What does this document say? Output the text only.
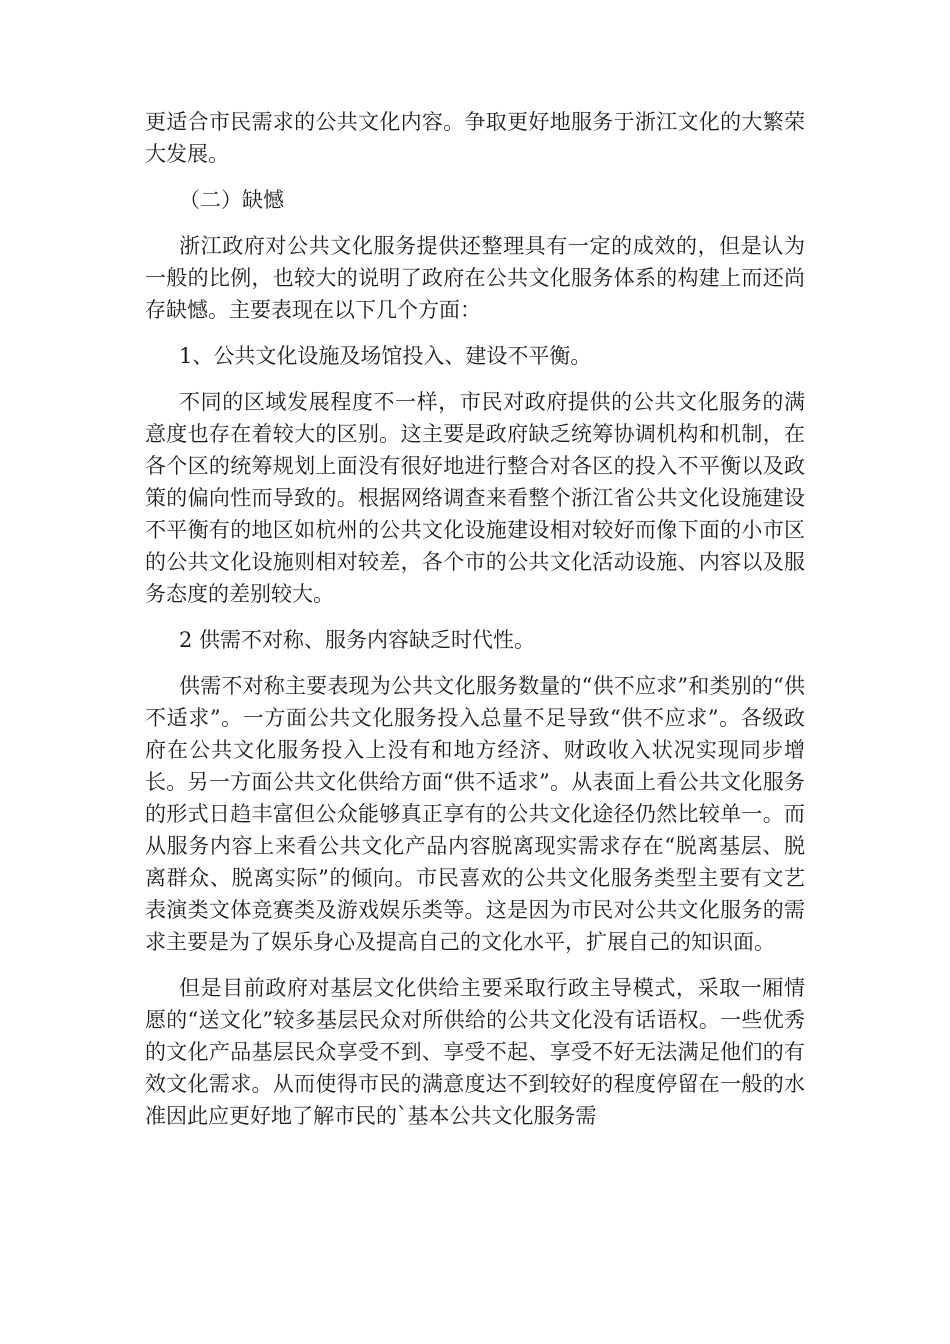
更适合市民需求的公共文化内容。争取更好地服务于浙江文化的大繁荣大发展。

（二）缺憾

浙江政府对公共文化服务提供还整理具有一定的成效的，但是认为一般的比例，也较大的说明了政府在公共文化服务体系的构建上而还尚存缺憾。主要表现在以下几个方面：

1、公共文化设施及场馆投入、建设不平衡。

不同的区域发展程度不一样，市民对政府提供的公共文化服务的满意度也存在着较大的区别。这主要是政府缺乏统筹协调机构和机制，在各个区的统筹规划上面没有很好地进行整合对各区的投入不平衡以及政策的偏向性而导致的。根据网络调查来看整个浙江省公共文化设施建设不平衡有的地区如杭州的公共文化设施建设相对较好而像下面的小市区的公共文化设施则相对较差，各个市的公共文化活动设施、内容以及服务态度的差别较大。

2 供需不对称、服务内容缺乏时代性。

供需不对称主要表现为公共文化服务数量的“供不应求”和类别的“供不适求”。一方面公共文化服务投入总量不足导致“供不应求”。各级政府在公共文化服务投入上没有和地方经济、财政收入状况实现同步增长。另一方面公共文化供给方面“供不适求”。从表面上看公共文化服务的形式日趋丰富但公众能够真正享有的公共文化途径仍然比较单一。而从服务内容上来看公共文化产品内容脱离现实需求存在“脱离基层、脱离群众、脱离实际”的倾向。市民喜欢的公共文化服务类型主要有文艺表演类文体竞赛类及游戏娱乐类等。这是因为市民对公共文化服务的需求主要是为了娱乐身心及提高自己的文化水平，扩展自己的知识面。

但是目前政府对基层文化供给主要采取行政主导模式，采取一厢情愿的“送文化”较多基层民众对所供给的公共文化没有话语权。一些优秀的文化产品基层民众享受不到、享受不起、享受不好无法满足他们的有效文化需求。从而使得市民的满意度达不到较好的程度停留在一般的水准因此应更好地了解市民的`基本公共文化服务需
